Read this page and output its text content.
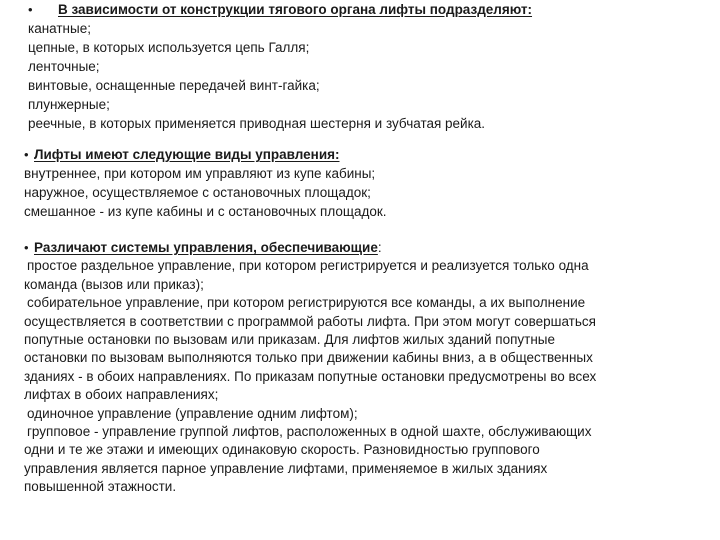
• В зависимости от конструкции тягового органа лифты подразделяют:
канатные;
цепные, в которых используется цепь Галля;
ленточные;
винтовые, оснащенные передачей винт-гайка;
плунжерные;
реечные, в которых применяется приводная шестерня и зубчатая рейка.
• Лифты имеют следующие виды управления:
внутреннее, при котором им управляют из купе кабины;
наружное, осуществляемое с остановочных площадок;
смешанное - из купе кабины и с остановочных площадок.
• Различают системы управления, обеспечивающие:
простое раздельное управление, при котором регистрируется и реализуется только одна
команда (вызов или приказ);
собирательное управление, при котором регистрируются все команды, а их выполнение
осуществляется в соответствии с программой работы лифта. При этом могут совершаться
попутные остановки по вызовам или приказам. Для лифтов жилых зданий попутные
остановки по вызовам выполняются только при движении кабины вниз, а в общественных
зданиях - в обоих направлениях. По приказам попутные остановки предусмотрены во всех
лифтах в обоих направлениях;
одиночное управление (управление одним лифтом);
групповое - управление группой лифтов, расположенных в одной шахте, обслуживающих
одни и те же этажи и имеющих одинаковую скорость. Разновидностью группового
управления является парное управление лифтами, применяемое в жилых зданиях
повышенной этажности.
